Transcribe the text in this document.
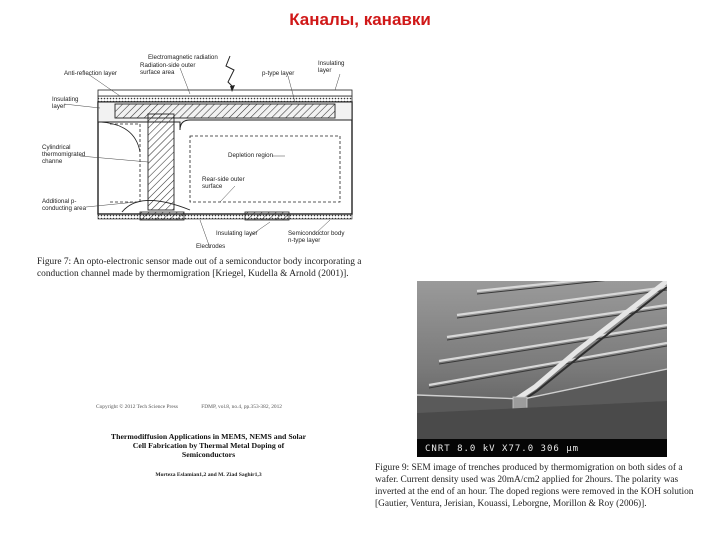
Каналы, канавки
Electromagnetic radiation
Anti-reflection layer
Radiation-side outer
surface area	p-type layer
Insulating
layer
Insulating
layer
Cylindrical
thermomigrated
channe
Depletion region
Rear-side outer
surface
Additional p-
conducting area
Insulating layer	Semiconductor body
n-type layer
Electrodes
Figure 7: An opto-electronic sensor made out of a semiconductor body incorporating a conduction channel made by thermomigration [Kriegel, Kudella & Arnold (2001)].
Copyright © 2012 Tech Science Press	FDMP, vol.8, no.4, pp.353-382, 2012
Thermodiffusion Applications in MEMS, NEMS and Solar
Cell Fabrication by Thermal Metal Doping of
Semiconductors
Morteza Eslamian1,2 and M. Ziad Saghir1,3
CNRT 8.0 kV X77.0 306 μm
Figure 9: SEM image of trenches produced by thermomigration on both sides of a wafer. Current density used was 20mA/cm2 applied for 2hours. The polarity was inverted at the end of an hour. The doped regions were removed in the KOH solution [Gautier, Ventura, Jerisian, Kouassi, Leborgne, Morillon & Roy (2006)].
